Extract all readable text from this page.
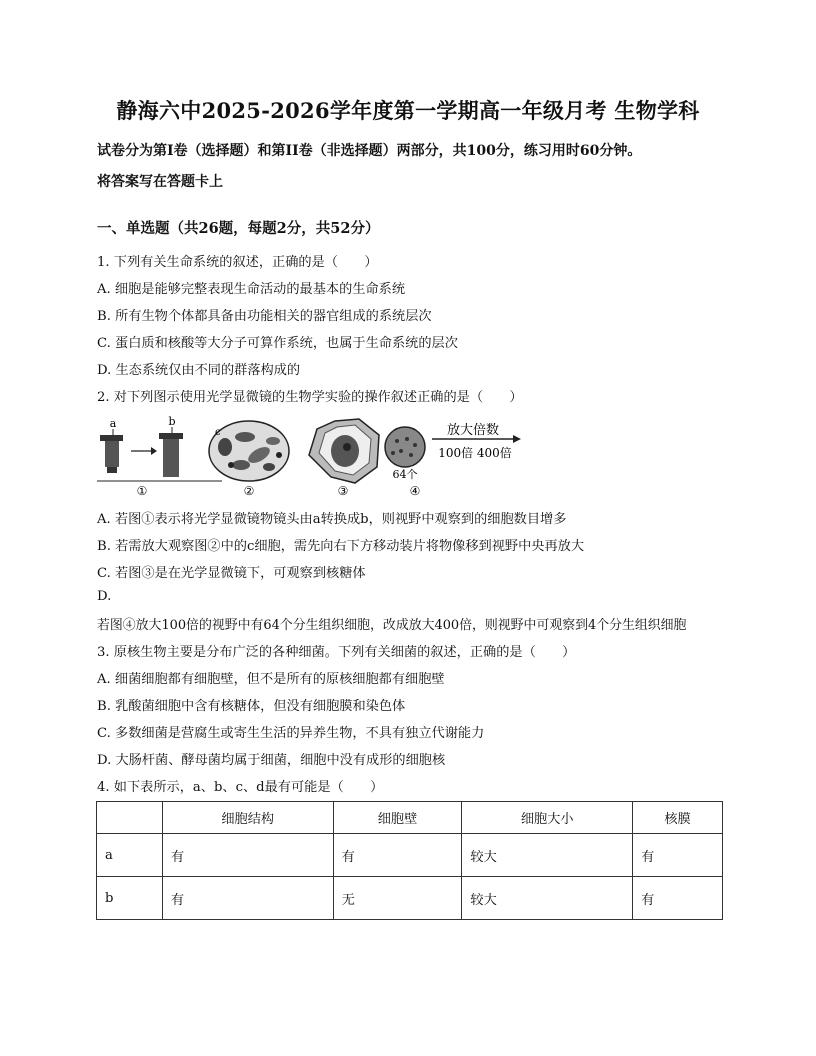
静海六中2025-2026学年度第一学期高一年级月考 生物学科
试卷分为第I卷（选择题）和第II卷（非选择题）两部分，共100分，练习用时60分钟。
将答案写在答题卡上
一、单选题（共26题，每题2分，共52分）
1. 下列有关生命系统的叙述，正确的是（　　）
A. 细胞是能够完整表现生命活动的最基本的生命系统
B. 所有生物个体都具备由功能相关的器官组成的系统层次
C. 蛋白质和核酸等大分子可算作系统，也属于生命系统的层次
D. 生态系统仅由不同的群落构成的
2. 对下列图示使用光学显微镜的生物学实验的操作叙述正确的是（　　）
a	b
①
c
②	③
64个
放大倍数
100倍 400倍
④
A. 若图①表示将光学显微镜物镜头由a转换成b，则视野中观察到的细胞数目增多
B. 若需放大观察图②中的c细胞，需先向右下方移动装片将物像移到视野中央再放大
C. 若图③是在光学显微镜下，可观察到核糖体
D.
若图④放大100倍的视野中有64个分生组织细胞，改成放大400倍，则视野中可观察到4个分生组织细胞
3. 原核生物主要是分布广泛的各种细菌。下列有关细菌的叙述，正确的是（　　）
A. 细菌细胞都有细胞壁，但不是所有的原核细胞都有细胞壁
B. 乳酸菌细胞中含有核糖体，但没有细胞膜和染色体
C. 多数细菌是营腐生或寄生生活的异养生物，不具有独立代谢能力
D. 大肠杆菌、酵母菌均属于细菌，细胞中没有成形的细胞核
4. 如下表所示，a、b、c、d最有可能是（　　）
	细胞结构	细胞壁	细胞大小	核膜
a	有	有	较大	有
b	有	无	较大	有
